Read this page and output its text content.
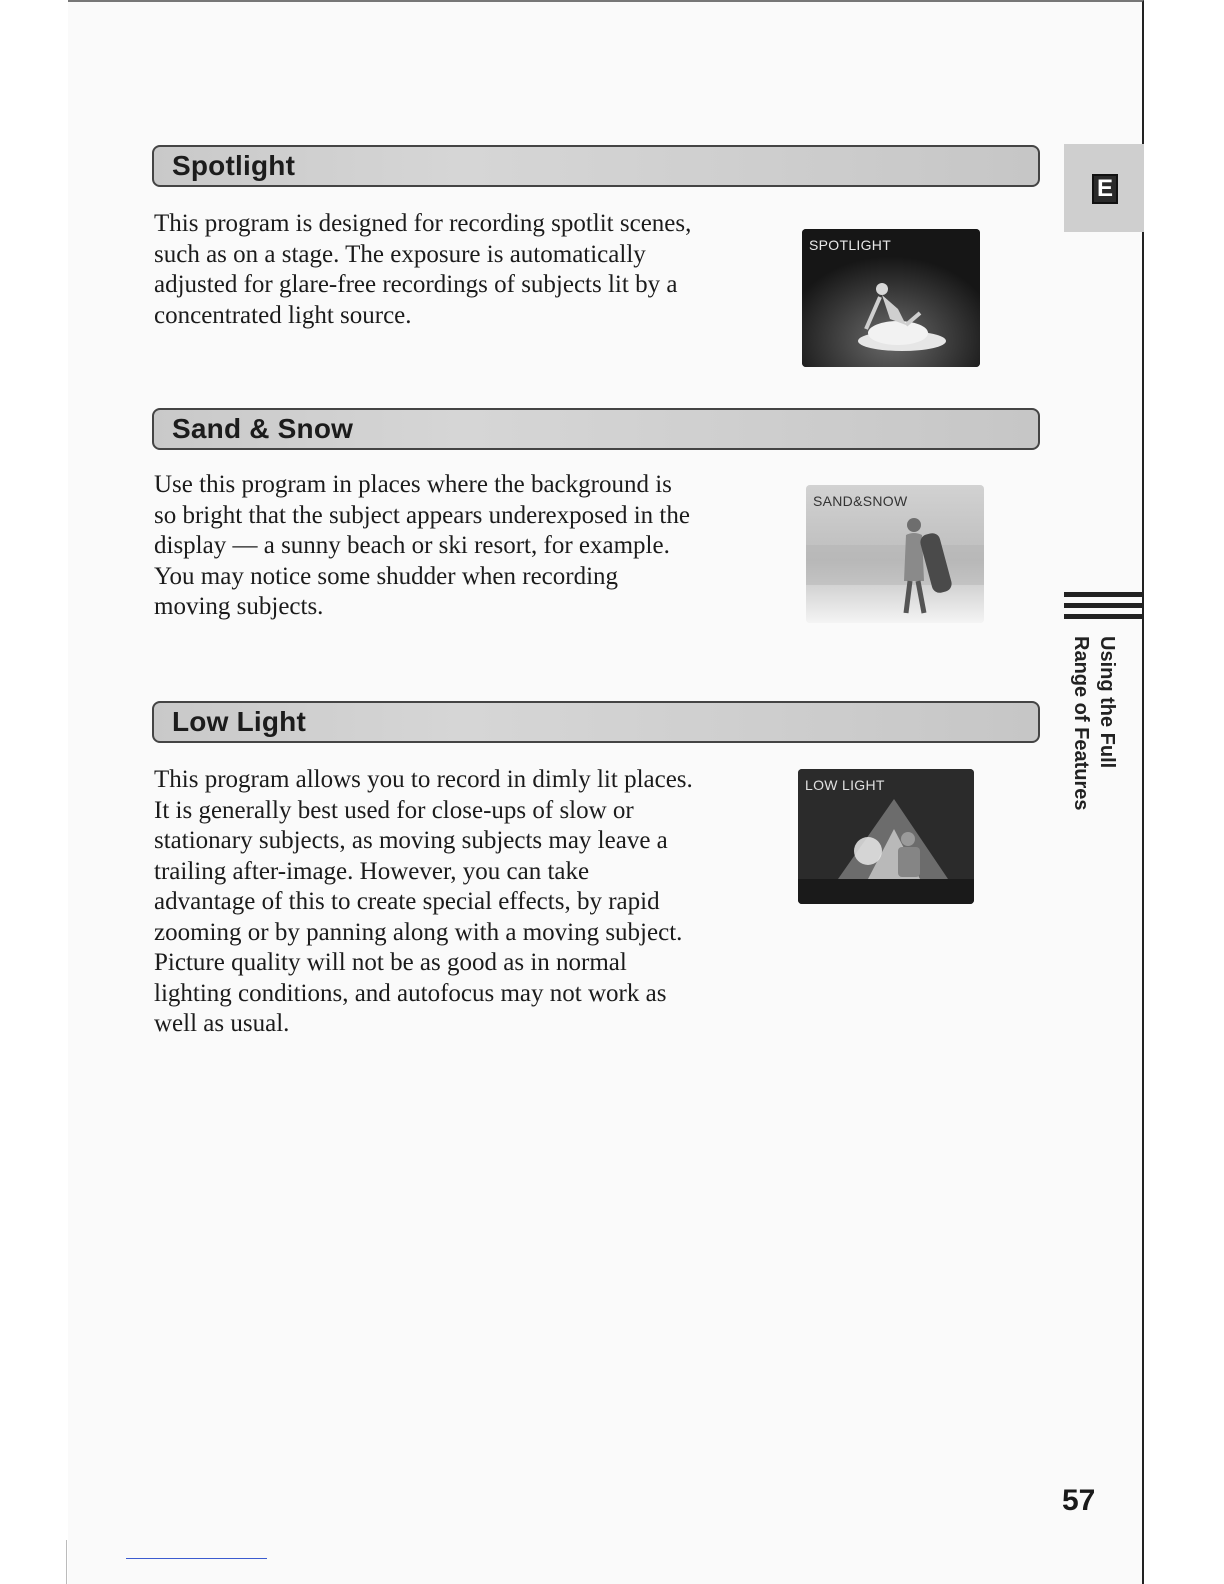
Spotlight

This program is designed for recording spotlit scenes, such as on a stage. The exposure is automatically adjusted for glare-free recordings of subjects lit by a concentrated light source.

SPOTLIGHT
Sand & Snow

Use this program in places where the background is so bright that the subject appears underexposed in the display — a sunny beach or ski resort, for example. You may notice some shudder when recording moving subjects.

SAND&SNOW
Low Light

This program allows you to record in dimly lit places. It is generally best used for close-ups of slow or stationary subjects, as moving subjects may leave a trailing after-image. However, you can take advantage of this to create special effects, by rapid zooming or by panning along with a moving subject. Picture quality will not be as good as in normal lighting conditions, and autofocus may not work as well as usual.

LOW LIGHT
E
Using the Full
Range of Features
57
